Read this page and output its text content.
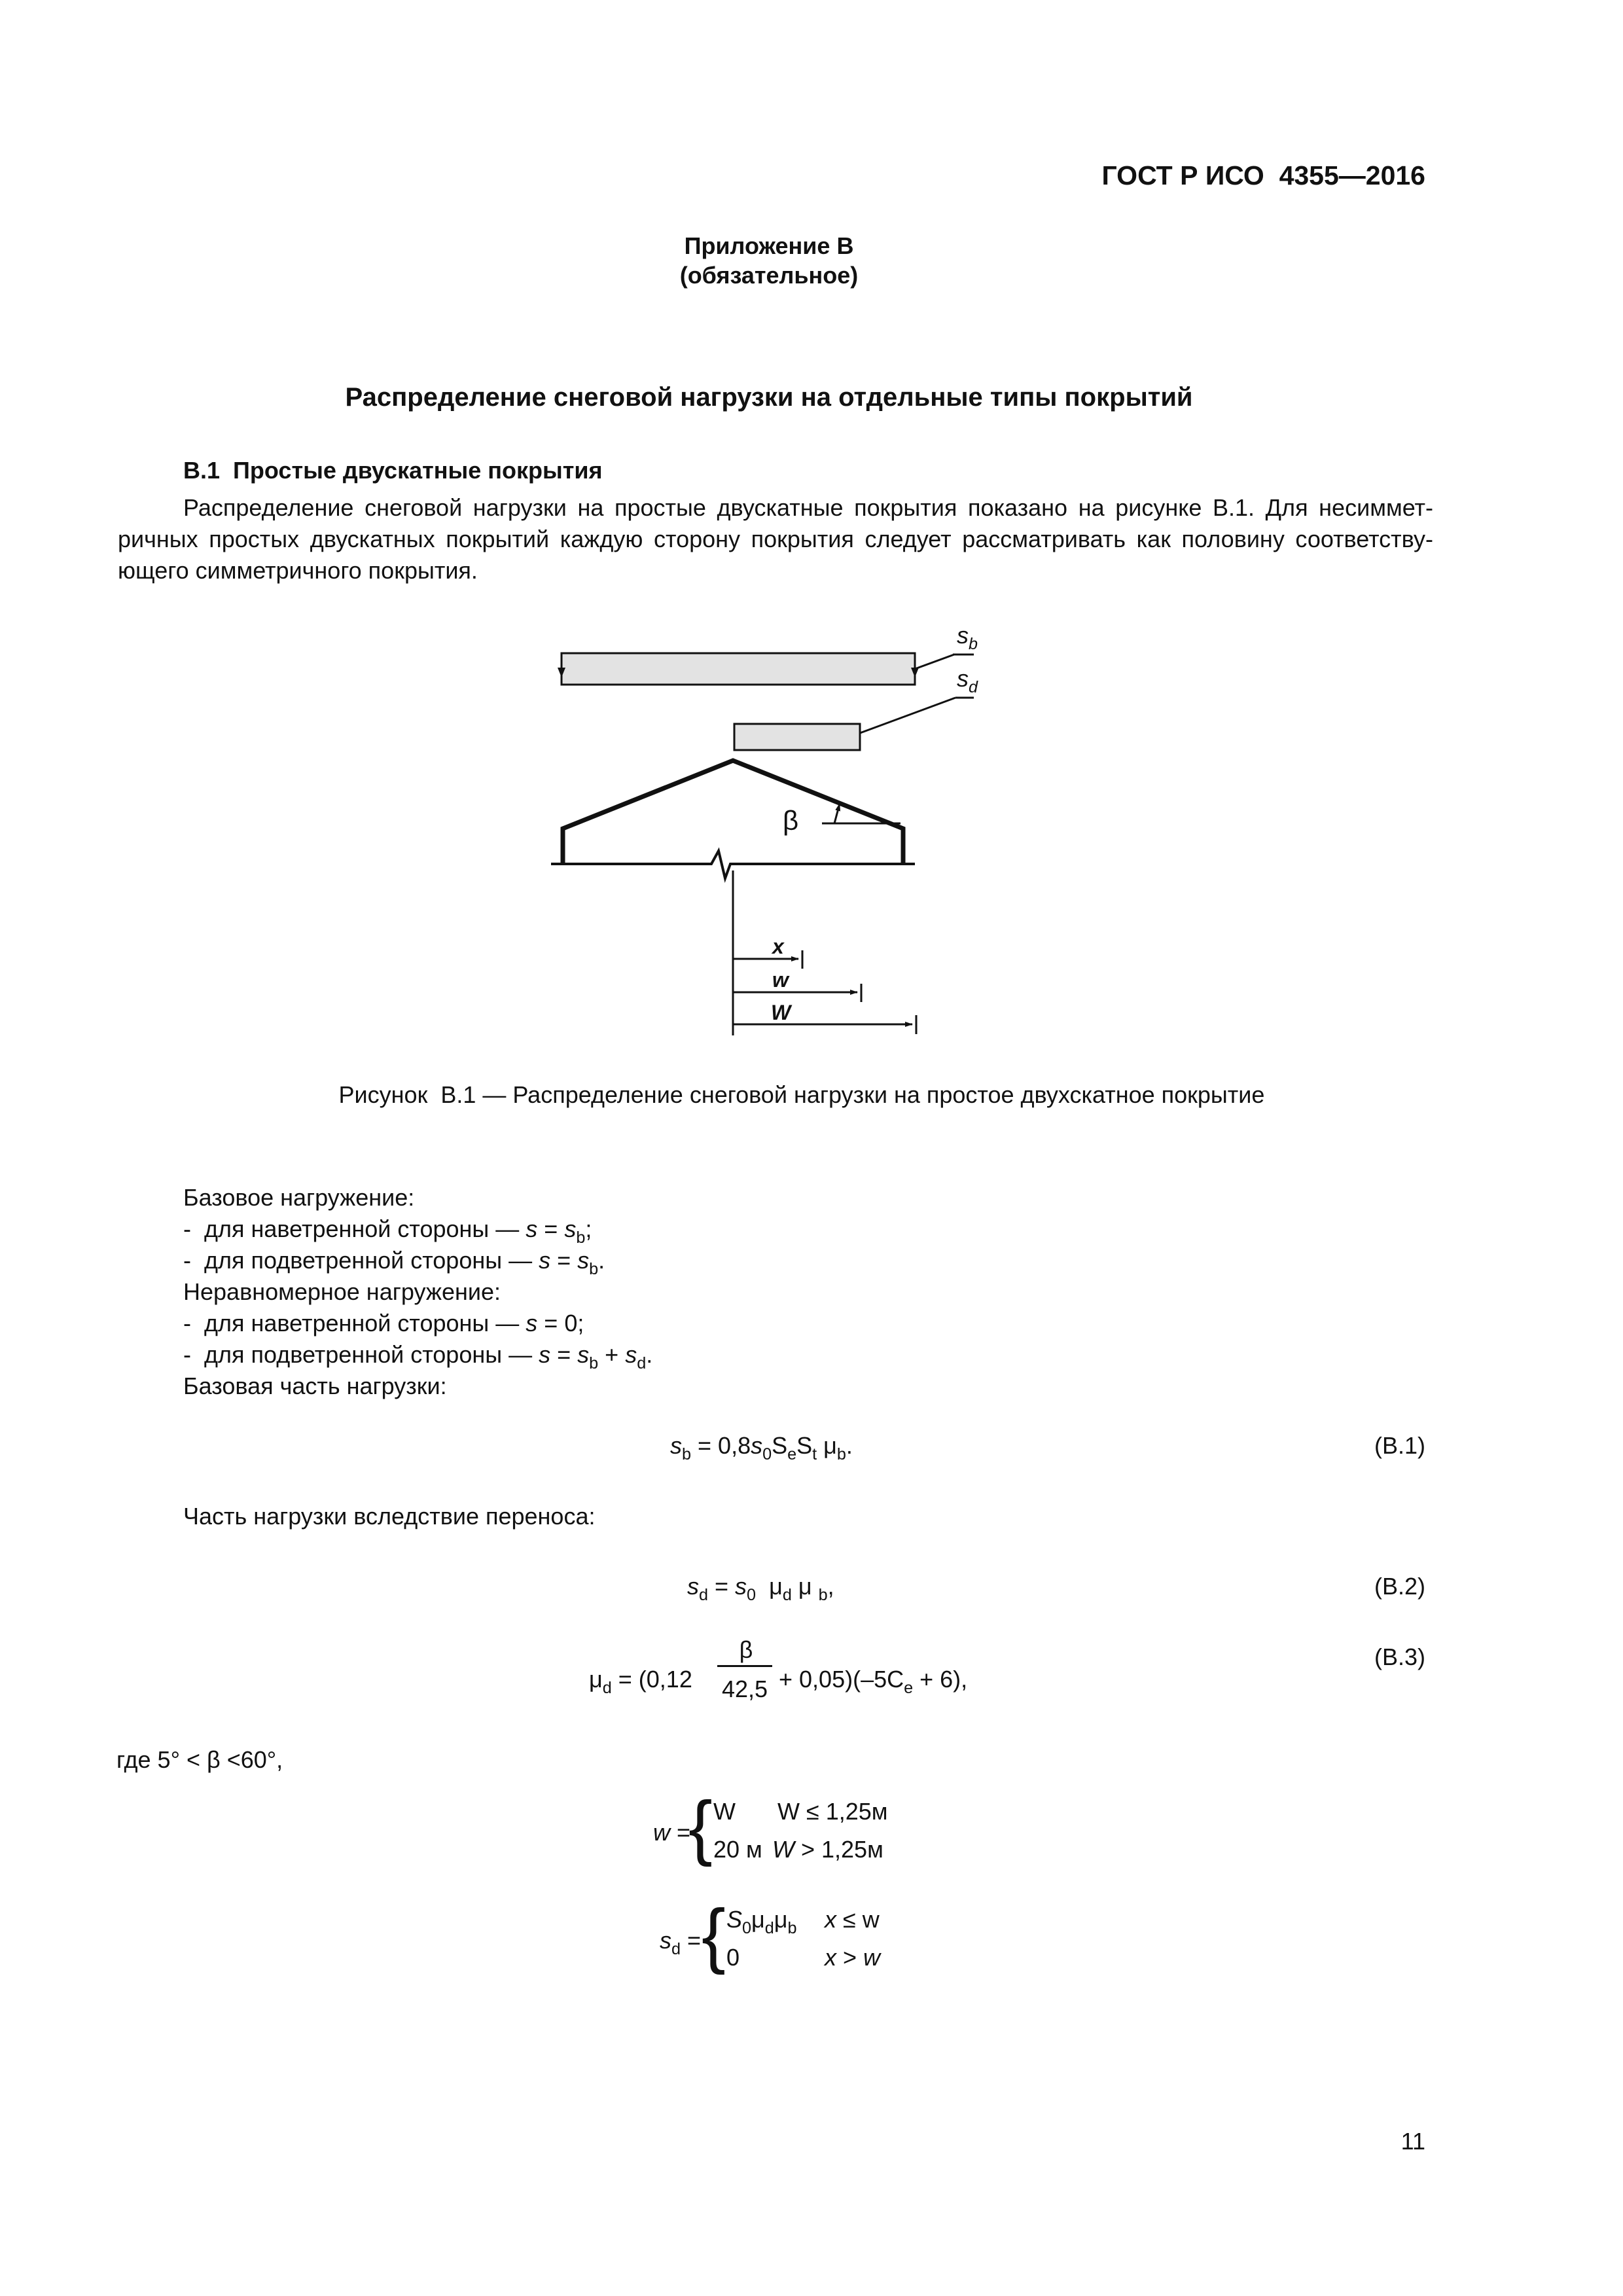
ГОСТ Р ИСО  4355—2016
Приложение В
(обязательное)
Распределение снеговой нагрузки на отдельные типы покрытий
В.1 Простые двускатные покрытия
Распределение снеговой нагрузки на простые двускатные покрытия показано на рисунке В.1. Для несиммет-ричных простых двускатных покрытий каждую сторону покрытия следует рассматривать как половину соответству-ющего симметричного покрытия.
$s_b$
$s_d$
β
x
w
W
Рисунок  В.1 — Распределение снеговой нагрузки на простое двухскатное покрытие
Базовое нагружение:
-  для наветренной стороны — $s = s_b$;
-  для подветренной стороны — $s = s_b$.
Неравномерное нагружение:
-  для наветренной стороны — s = 0;
-  для подветренной стороны — $s = s_b + s_d$.
Базовая часть нагрузки:
$s_b = 0,8s_0S_eS_t$ $\mu_b$.	(В.1)
Часть нагрузки вследствие переноса:
$s_d = s_0$  $\mu_d$ μ $_b$,	(В.2)
$\mu_d = (0,12$
β
$42,5 + 0,05)(-5C_e + 6)$,
(В.3)
где 5° < β <60°,
w =
{ W W ≤ 1,25м
20 м W > 1,25м
$s_d$ = { $S_0\mu_d\mu_b$ x ≤ w
0	x > w
11
